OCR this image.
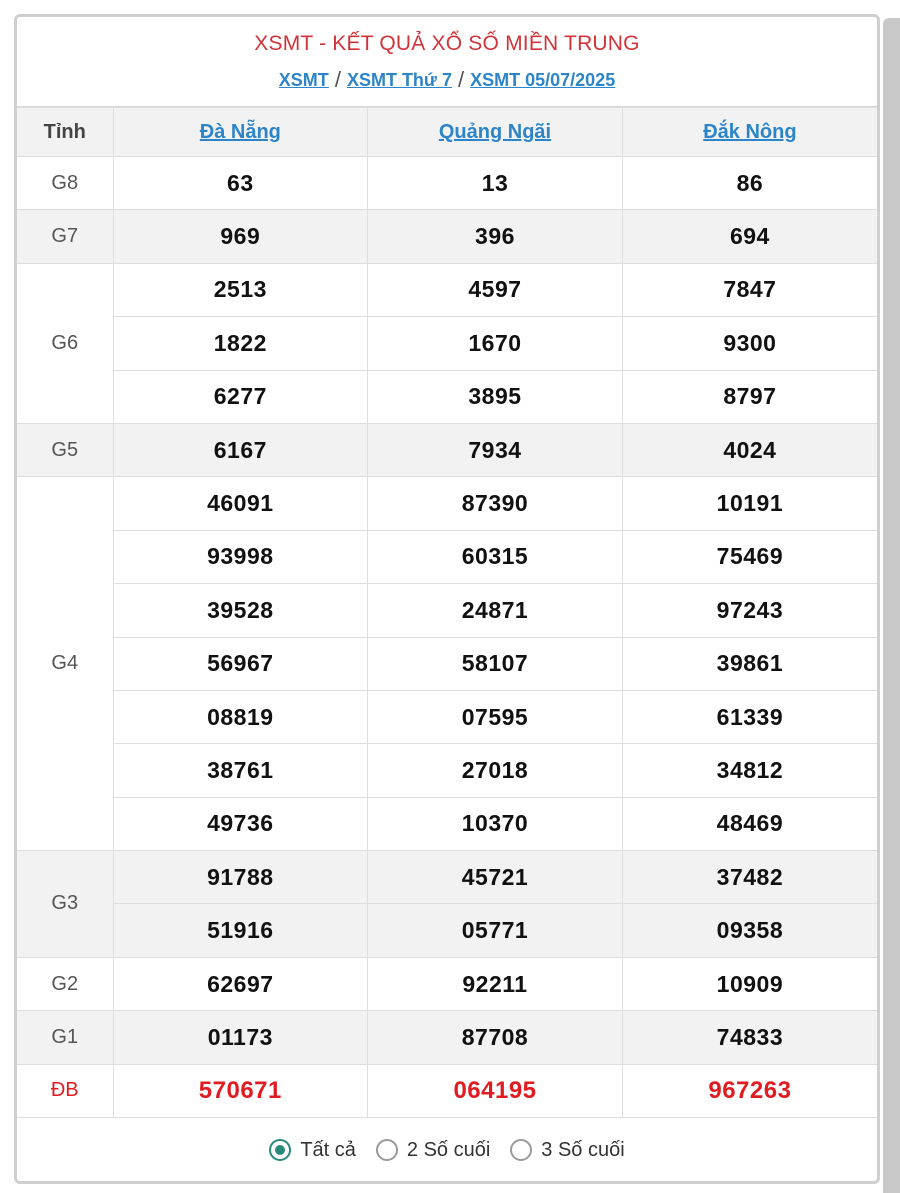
XSMT - KẾT QUẢ XỔ SỐ MIỀN TRUNG
XSMT / XSMT Thứ 7 / XSMT 05/07/2025
Tỉnh	Đà Nẵng	Quảng Ngãi	Đắk Nông
G8	63	13	86
G7	969	396	694
G6	2513	4597	7847
	1822	1670	9300
	6277	3895	8797
G5	6167	7934	4024
G4	46091	87390	10191
	93998	60315	75469
	39528	24871	97243
	56967	58107	39861
	08819	07595	61339
	38761	27018	34812
	49736	10370	48469
G3	91788	45721	37482
	51916	05771	09358
G2	62697	92211	10909
G1	01173	87708	74833
ĐB	570671	064195	967263
Tất cả	2 Số cuối	3 Số cuối
